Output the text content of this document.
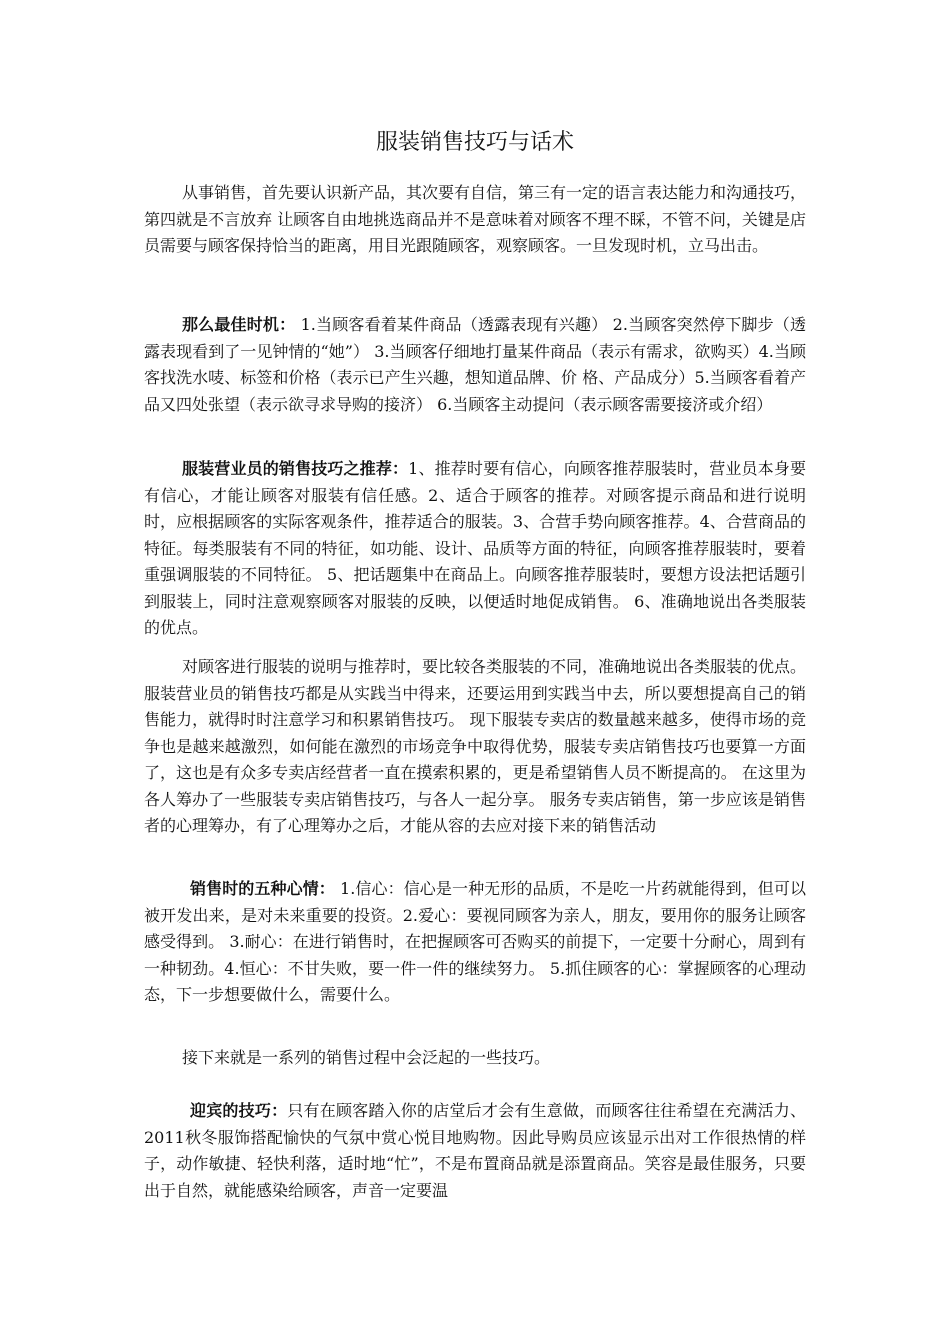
服装销售技巧与话术

从事销售，首先要认识新产品，其次要有自信，第三有一定的语言表达能力和沟通技巧，第四就是不言放弃 让顾客自由地挑选商品并不是意味着对顾客不理不睬，不管不问，关键是店员需要与顾客保持恰当的距离，用目光跟随顾客，观察顾客。一旦发现时机，立马出击。

那么最佳时机： 1.当顾客看着某件商品（透露表现有兴趣） 2.当顾客突然停下脚步（透露表现看到了一见钟情的“她”） 3.当顾客仔细地打量某件商品（表示有需求，欲购买）4.当顾客找洗水唛、标签和价格（表示已产生兴趣，想知道品牌、价 格、产品成分）5.当顾客看着产品又四处张望（表示欲寻求导购的接济） 6.当顾客主动提问（表示顾客需要接济或介绍）

服装营业员的销售技巧之推荐：1、推荐时要有信心，向顾客推荐服装时，营业员本身要有信心，才能让顾客对服装有信任感。2、适合于顾客的推荐。对顾客提示商品和进行说明时，应根据顾客的实际客观条件，推荐适合的服装。3、合营手势向顾客推荐。4、合营商品的特征。每类服装有不同的特征，如功能、设计、品质等方面的特征，向顾客推荐服装时，要着重强调服装的不同特征。 5、把话题集中在商品上。向顾客推荐服装时，要想方设法把话题引到服装上，同时注意观察顾客对服装的反映，以便适时地促成销售。 6、准确地说出各类服装的优点。

对顾客进行服装的说明与推荐时，要比较各类服装的不同，准确地说出各类服装的优点。 服装营业员的销售技巧都是从实践当中得来，还要运用到实践当中去，所以要想提高自己的销售能力，就得时时注意学习和积累销售技巧。 现下服装专卖店的数量越来越多，使得市场的竞争也是越来越激烈，如何能在激烈的市场竞争中取得优势，服装专卖店销售技巧也要算一方面了，这也是有众多专卖店经营者一直在摸索积累的，更是希望销售人员不断提高的。 在这里为各人筹办了一些服装专卖店销售技巧，与各人一起分享。 服务专卖店销售，第一步应该是销售者的心理筹办，有了心理筹办之后，才能从容的去应对接下来的销售活动

销售时的五种心情： 1.信心：信心是一种无形的品质，不是吃一片药就能得到，但可以被开发出来，是对未来重要的投资。2.爱心：要视同顾客为亲人，朋友，要用你的服务让顾客感受得到。 3.耐心：在进行销售时，在把握顾客可否购买的前提下，一定要十分耐心，周到有一种韧劲。4.恒心：不甘失败，要一件一件的继续努力。 5.抓住顾客的心：掌握顾客的心理动态，下一步想要做什么，需要什么。

接下来就是一系列的销售过程中会泛起的一些技巧。

迎宾的技巧：只有在顾客踏入你的店堂后才会有生意做，而顾客往往希望在充满活力、2011秋冬服饰搭配愉快的气氛中赏心悦目地购物。因此导购员应该显示出对工作很热情的样子，动作敏捷、轻快利落，适时地“忙”，不是布置商品就是添置商品。笑容是最佳服务，只要出于自然，就能感染给顾客，声音一定要温
